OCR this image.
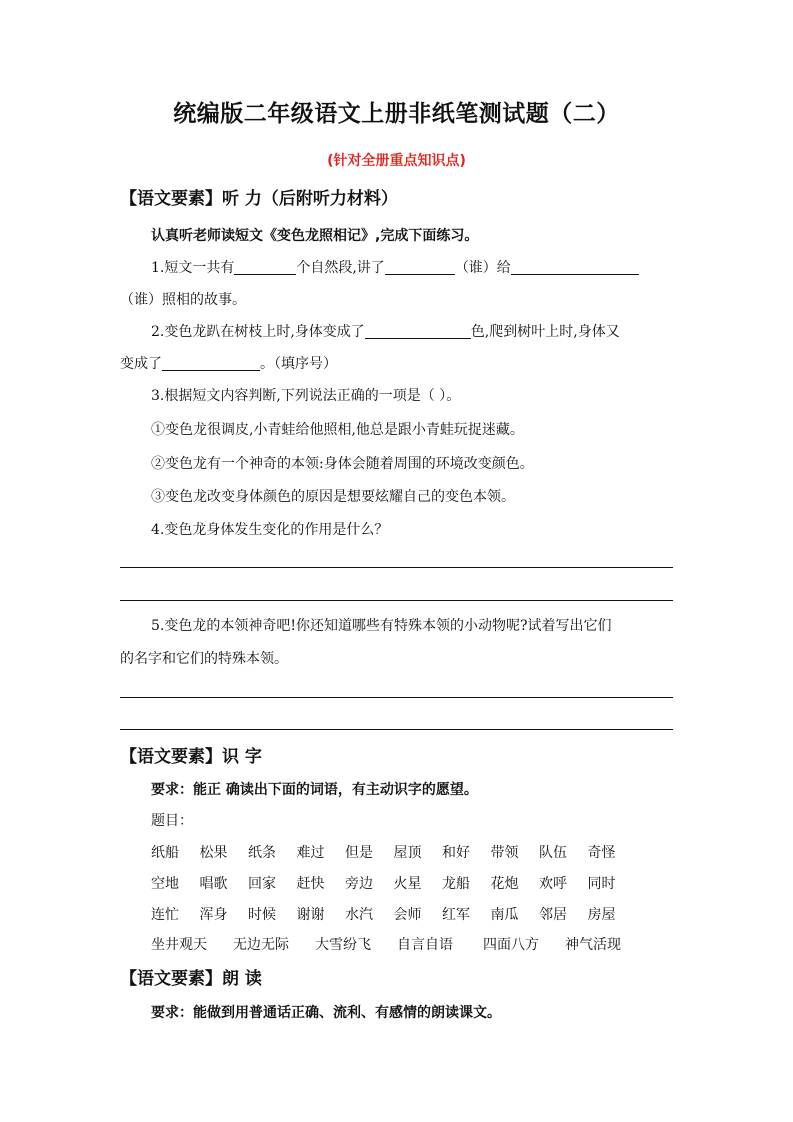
统编版二年级语文上册非纸笔测试题（二）
(针对全册重点知识点)
【语文要素】听 力（后附听力材料）
认真听老师读短文《变色龙照相记》,完成下面练习。
1.短文一共有	个自然段,讲了	（谁）给
（谁）照相的故事。
2.变色龙趴在树枝上时,身体变成了	色,爬到树叶上时,身体又
变成了	。（填序号）
3.根据短文内容判断,下列说法正确的一项是（ ）。
①变色龙很调皮,小青蛙给他照相,他总是跟小青蛙玩捉迷藏。
②变色龙有一个神奇的本领:身体会随着周围的环境改变颜色。
③变色龙改变身体颜色的原因是想要炫耀自己的变色本领。
4.变色龙身体发生变化的作用是什么？
5.变色龙的本领神奇吧!你还知道哪些有特殊本领的小动物呢?试着写出它们
的名字和它们的特殊本领。
【语文要素】识 字
要求：能正 确读出下面的词语，有主动识字的愿望。
题目：
纸船	松果	纸条	难过	但是	屋顶	和好	带领	队伍	奇怪
空地	唱歌	回家	赶快	旁边	火星	龙船	花炮	欢呼	同时
连忙	浑身	时候	谢谢	水汽	会师	红军	南瓜	邻居	房屋
坐井观天	无边无际	大雪纷飞	自言自语	四面八方	神气活现
【语文要素】朗 读
要求：能做到用普通话正确、流利、有感情的朗读课文。
